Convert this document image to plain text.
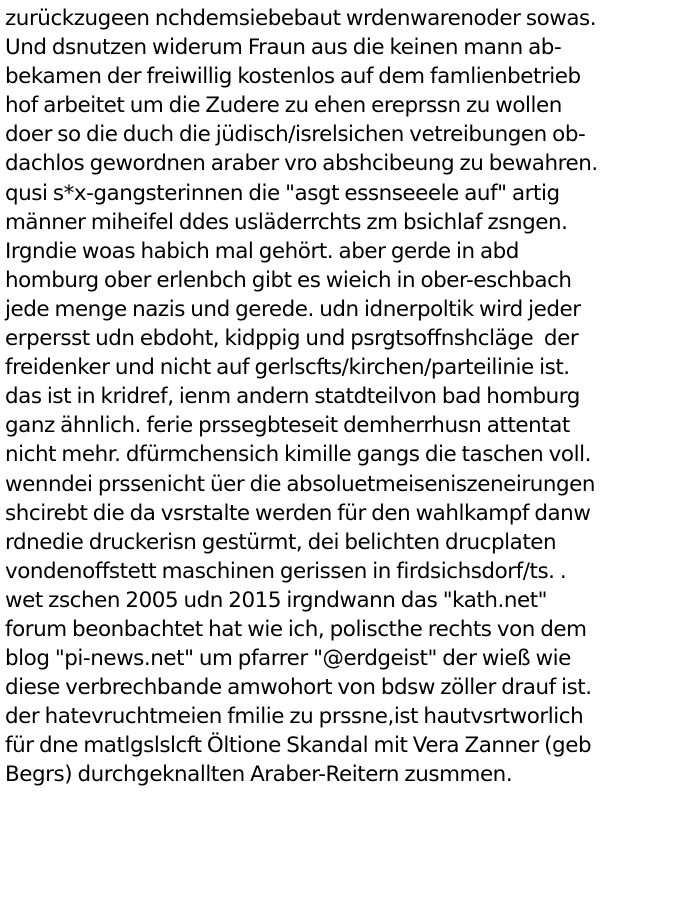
zurückzugeen nchdemsiebebaut wrdenwarenoder sowas.
Und dsnutzen widerum Fraun aus die keinen mann ab-
bekamen der freiwillig kostenlos auf dem famlienbetrieb
hof arbeitet um die Zudere zu ehen ereprssn zu wollen
doer so die duch die jüdisch/isrelsichen vetreibungen ob-
dachlos gewordnen araber vro abshcibeung zu bewahren.
qusi s*x-gangsterinnen die "asgt essnseeele auf" artig
männer miheifel ddes usläderrchts zm bsichlaf zsngen.
Irgndie woas habich mal gehört. aber gerde in abd
homburg ober erlenbch gibt es wieich in ober-eschbach
jede menge nazis und gerede. udn idnerpoltik wird jeder
erpersst udn ebdoht, kidppig und psrgtsoffnshcläge  der
freidenker und nicht auf gerlscfts/kirchen/parteilinie ist.
das ist in kridref, ienm andern statdteilvon bad homburg
ganz ähnlich. ferie prssegbteseit demherrhusn attentat
nicht mehr. dfürmchensich kimille gangs die taschen voll.
wenndei prssenicht üer die absoluetmeiseniszeneirungen
shcirebt die da vsrstalte werden für den wahlkampf danw
rdnedie druckerisn gestürmt, dei belichten drucplaten
vondenoffstett maschinen gerissen in firdsichsdorf/ts. .
wet zschen 2005 udn 2015 irgndwann das "kath.net"
forum beonbachtet hat wie ich, poliscthe rechts von dem
blog "pi-news.net" um pfarrer "@erdgeist" der wieß wie
diese verbrechbande amwohort von bdsw zöller drauf ist.
der hatevruchtmeien fmilie zu prssne,ist hautvsrtworlich
für dne matlgslslcft Öltione Skandal mit Vera Zanner (geb
Begrs) durchgeknallten Araber-Reitern zusmmen.
